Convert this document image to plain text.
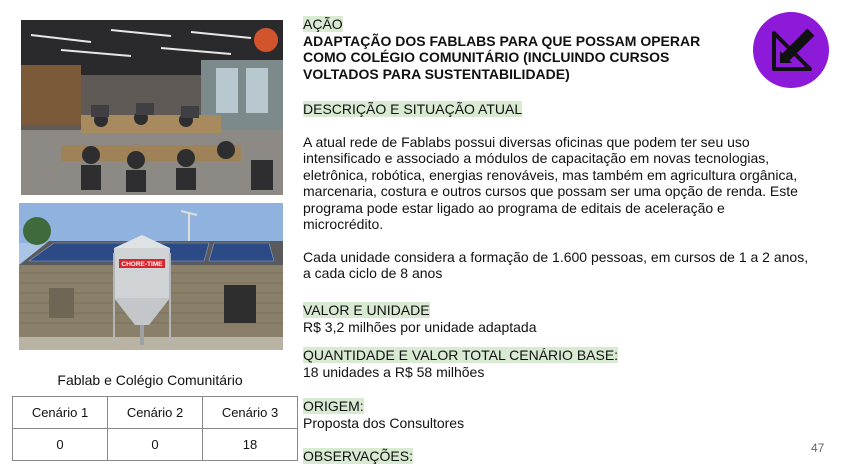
CHORE-TIME
Fablab e Colégio Comunitário
Cenário 1	Cenário 2	Cenário 3
0	0	18
AÇÃO
ADAPTAÇÃO DOS FABLABS PARA QUE POSSAM OPERAR
COMO COLÉGIO COMUNITÁRIO (INCLUINDO CURSOS
VOLTADOS PARA SUSTENTABILIDADE)
DESCRIÇÃO E SITUAÇÃO ATUAL
A atual rede de Fablabs possui diversas oficinas que podem ter seu uso
intensificado e associado a módulos de capacitação em novas tecnologias,
eletrônica, robótica, energias renováveis, mas também em agricultura orgânica,
marcenaria, costura e outros cursos que possam ser uma opção de renda. Este
programa pode estar ligado ao programa de editais de aceleração e
microcrédito.
Cada unidade considera a formação de 1.600 pessoas, em cursos de 1 a 2 anos,
a cada ciclo de 8 anos
VALOR E UNIDADE
R$ 3,2 milhões por unidade adaptada
QUANTIDADE E VALOR TOTAL CENÁRIO BASE:
18 unidades a R$ 58 milhões
ORIGEM:
Proposta dos Consultores
OBSERVAÇÕES:	47
